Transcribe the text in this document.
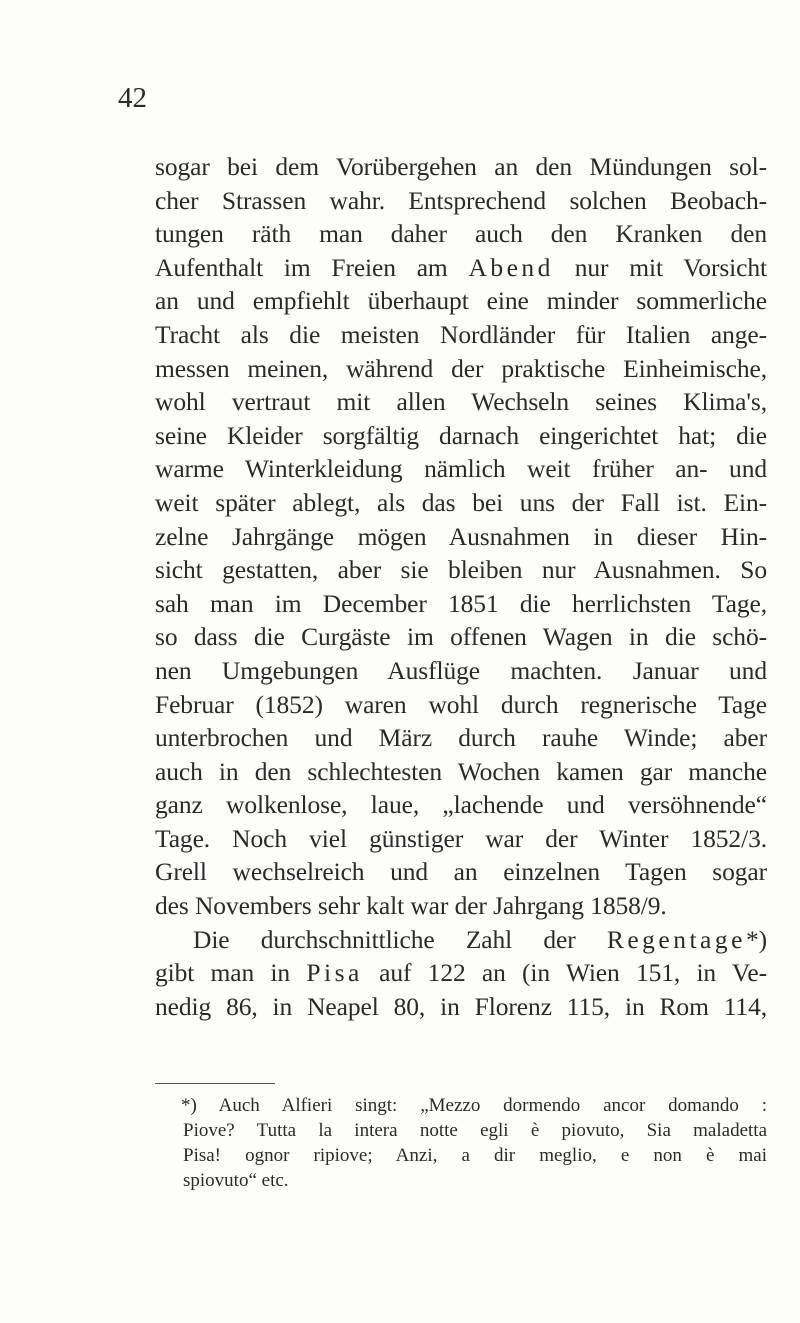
42
sogar bei dem Vorübergehen an den Mündungen sol-
cher Strassen wahr. Entsprechend solchen Beobach-
tungen räth man daher auch den Kranken den
Aufenthalt im Freien am Abend nur mit Vorsicht
an und empfiehlt überhaupt eine minder sommerliche
Tracht als die meisten Nordländer für Italien ange-
messen meinen, während der praktische Einheimische,
wohl vertraut mit allen Wechseln seines Klima's,
seine Kleider sorgfältig darnach eingerichtet hat; die
warme Winterkleidung nämlich weit früher an- und
weit später ablegt, als das bei uns der Fall ist. Ein-
zelne Jahrgänge mögen Ausnahmen in dieser Hin-
sicht gestatten, aber sie bleiben nur Ausnahmen. So
sah man im December 1851 die herrlichsten Tage,
so dass die Curgäste im offenen Wagen in die schö-
nen Umgebungen Ausflüge machten. Januar und
Februar (1852) waren wohl durch regnerische Tage
unterbrochen und März durch rauhe Winde; aber
auch in den schlechtesten Wochen kamen gar manche
ganz wolkenlose, laue, „lachende und versöhnende“
Tage. Noch viel günstiger war der Winter 1852/3.
Grell wechselreich und an einzelnen Tagen sogar
des Novembers sehr kalt war der Jahrgang 1858/9.
Die durchschnittliche Zahl der Regentage*)
gibt man in Pisa auf 122 an (in Wien 151, in Ve-
nedig 86, in Neapel 80, in Florenz 115, in Rom 114,
*) Auch Alfieri singt: „Mezzo dormendo ancor domando :
Piove? Tutta la intera notte egli è piovuto, Sia maladetta
Pisa! ognor ripiove; Anzi, a dir meglio, e non è mai
spiovuto“ etc.
